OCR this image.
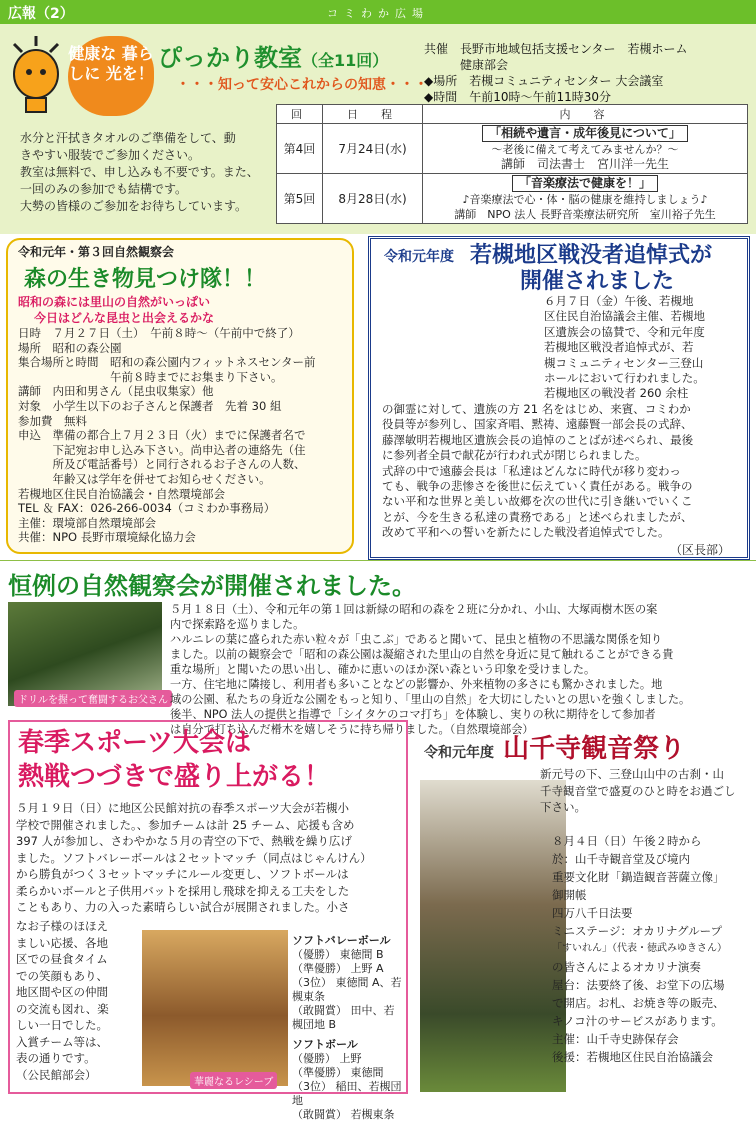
広報（2）	コミわか広場
健康な 暮らしに 光を！
ぴっかり教室（全11回）
・・・知って安心これからの知恵・・・
共催 長野市地域包括支援センター　若槻ホーム
健康部会
◆場所　若槻コミュニティセンター 大会議室
◆時間　午前10時〜午前11時30分
水分と汗拭きタオルのご準備をして、動
きやすい服装でご参加ください。
教室は無料で、申し込みも不要です。また、
一回のみの参加でも結構です。
大勢の皆様のご参加をお待ちしています。
回	日　程	内　容
第4回	7月24日(水)	「相続や遺言・成年後見について」
〜老後に備えて考えてみませんか？〜
講師　司法書士　宮川洋一先生

第5回	8月28日(水)	「音楽療法で健康を！」
♪音楽療法で心・体・脳の健康を維持しましょう♪
講師　NPO 法人 長野音楽療法研究所　室川裕子先生
令和元年・第３回自然観察会
森の生き物見つけ隊！！
昭和の森には里山の自然がいっぱい
今日はどんな昆虫と出会えるかな
日時　７月２７日（土）　午前８時〜（午前中で終了）
場所　昭和の森公園
集合場所と時間　昭和の森公園内フィットネスセンター前
　　　　　　　　午前８時までにお集まり下さい。
講師　内田和男さん（昆虫収集家）他
対象　小学生以下のお子さんと保護者　先着 30 組
参加費　無料
申込　準備の都合上７月２３日（火）までに保護者名で
　　　下記宛お申し込み下さい。尚申込者の連絡先（住
　　　所及び電話番号）と同行されるお子さんの人数、
　　　年齢又は学年を併せてお知らせください。
若槻地区住民自治協議会・自然環境部会
TEL ＆ FAX：026-266-0034（コミわか事務局）
主催：環境部自然環境部会
共催：NPO 長野市環境緑化協力会
令和元年度 若槻地区戦没者追悼式が
開催されました
６月７日（金）午後、若槻地
区住民自治協議会主催、若槻地
区遺族会の協賛で、令和元年度
若槻地区戦没者追悼式が、若
槻コミュニティセンター三登山
ホールにおいて行われました。
若槻地区の戦没者 260 余柱
の御霊に対して、遺族の方 21 名をはじめ、来賓、コミわか
役員等が参列し、国家斉唱、黙祷、遠藤賢一部会長の式辞、
藤澤敏明若槻地区遺族会長の追悼のことばが述べられ、最後
に参列者全員で献花が行われ式が閉じられました。
式辞の中で遠藤会長は「私達はどんなに時代が移り変わっ
ても、戦争の悲惨さを後世に伝えていく責任がある。戦争の
ない平和な世界と美しい故郷を次の世代に引き継いでいくこ
とが、今を生きる私達の責務である」と述べられましたが、
改めて平和への誓いを新たにした戦没者追悼式でした。
（区長部）
恒例の自然観察会が開催されました。
ドリルを握って奮闘するお父さん
５月１８日（土）、令和元年の第１回は新緑の昭和の森を２班に分かれ、小山、大塚両樹木医の案
内で探索路を巡りました。
ハルニレの葉に盛られた赤い粒々が「虫こぶ」であると聞いて、昆虫と植物の不思議な関係を知り
ました。以前の観察会で「昭和の森公園は凝縮された里山の自然を身近に見て触れることができる貴
重な場所」と聞いたの思い出し、確かに恵いのほか深い森という印象を受けました。
一方、住宅地に隣接し、利用者も多いことなどの影響か、外来植物の多さにも驚かされました。地
域の公園、私たちの身近な公園をもっと知り、「里山の自然」を大切にしたいとの思いを強くしました。
後半、NPO 法人の提供と指導で「シイタケのコマ打ち」を体験し、実りの秋に期待をして参加者
は自分で打ち込んだ榾木を嬉しそうに持ち帰りました。（自然環境部会）
春季スポーツ大会は
熱戦つづきで盛り上がる！
５月１９日（日）に地区公民館対抗の春季スポーツ大会が若槻小
学校で開催されました。、参加チームは計 25 チーム、応援も含め
397 人が参加し、さわやかな５月の青空の下で、熱戦を繰り広げ
ました。ソフトバレーボールは２セットマッチ（同点はじゃんけん）
から勝負がつく３セットマッチにルール変更し、ソフトボールは
柔らかいボールと子供用バットを採用し飛球を抑える工夫をした
こともあり、力の入った素晴らしい試合が展開されました。小さ
なお子様のほほえ
ましい応援、各地
区での昼食タイム
での笑顔もあり、
地区間や区の仲間
の交流も図れ、楽
しい一日でした。
入賞チーム等は、
表の通りです。
（公民館部会）
華麗なるレシーブ
ソフトバレーボール
（優勝） 東徳間 B
（準優勝） 上野 A
（3位） 東徳間 A、若槻東条
（敢闘賞） 田中、若槻団地 B
ソフトボール
（優勝） 上野
（準優勝） 東徳間
（3位） 稲田、若槻団地
（敢闘賞） 若槻東条
令和元年度 山千寺観音祭り
新元号の下、三登山山中の古刹・山
千寺観音堂で盛夏のひと時をお過ごし
下さい。
８月４日（日）午後２時から
於：山千寺観音堂及び境内
重要文化財「鍋造観音菩薩立像」
御開帳
四万八千日法要
ミニステージ：オカリナグループ
「すいれん」（代表・徳武みゆきさん）
の皆さんによるオカリナ演奏
屋台：法要終了後、お堂下の広場
で開店。お札、お焼き等の販売、
キノコ汁のサービスがあります。
主催：山千寺史跡保存会
後援：若槻地区住民自治協議会
